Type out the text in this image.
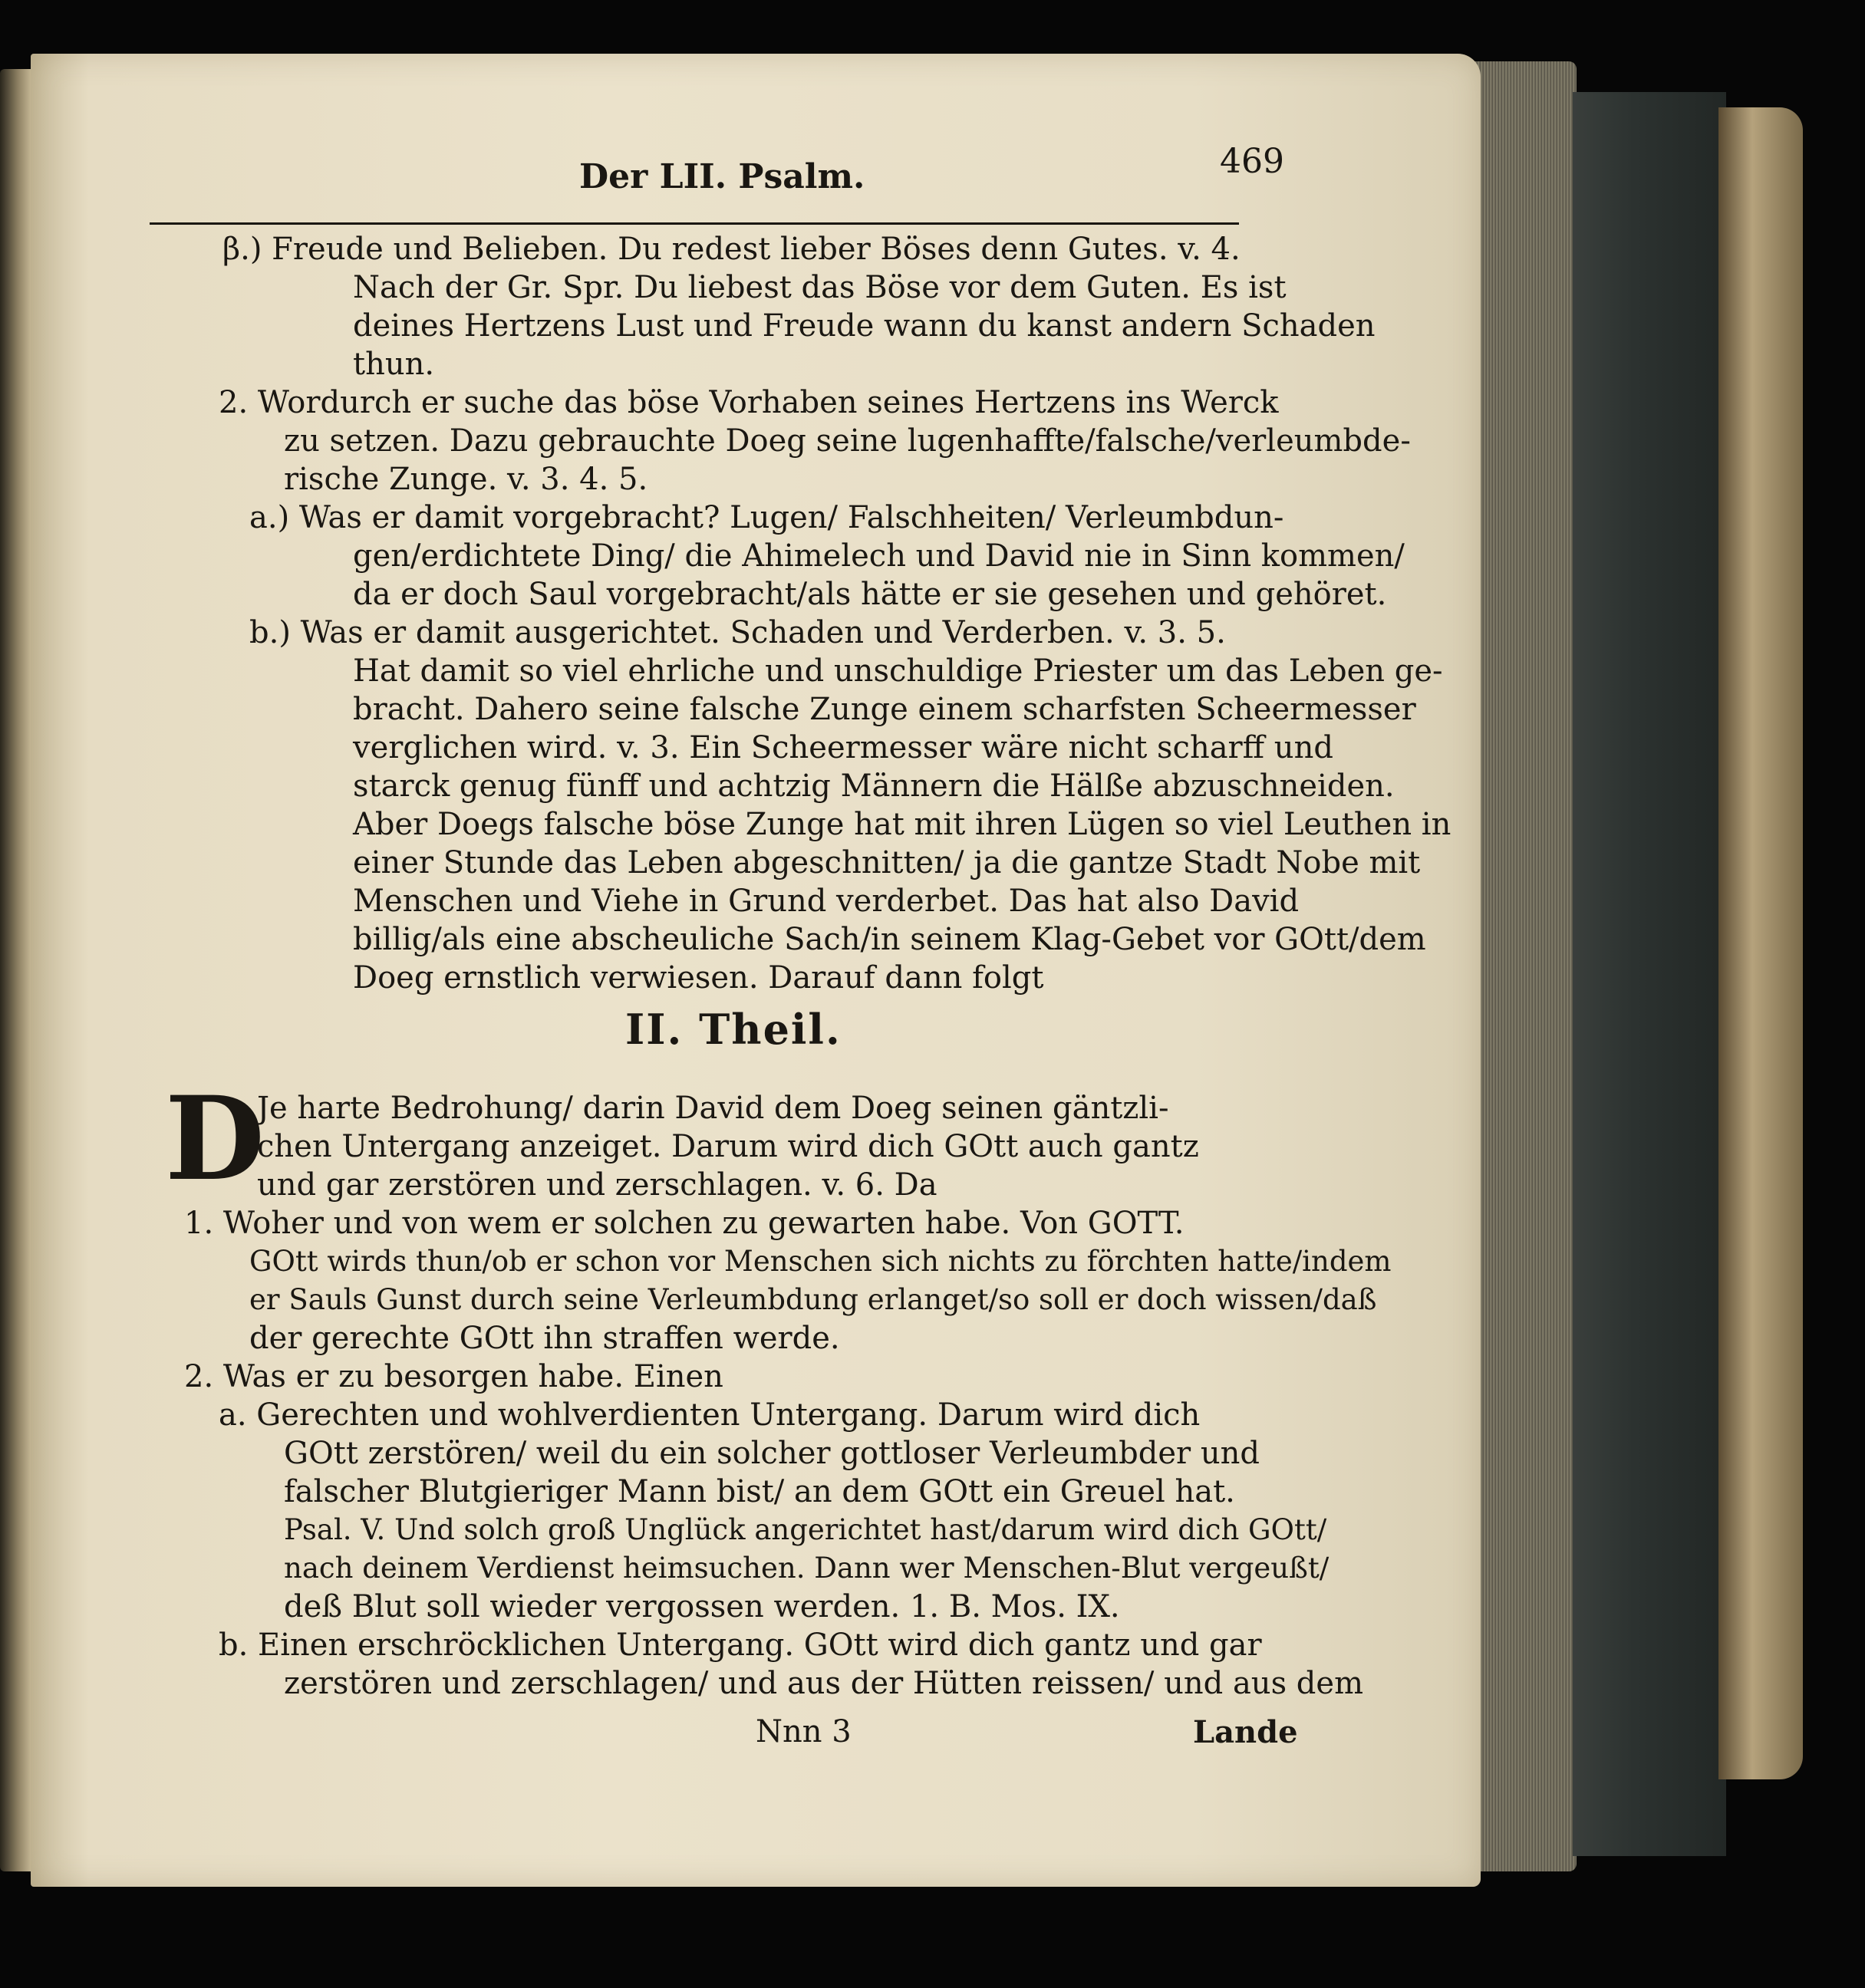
Der LII. Psalm.	469
β.) Freude und Belieben. Du redest lieber Böses denn Gutes. v. 4.
Nach der Gr. Spr. Du liebest das Böse vor dem Guten. Es ist
deines Hertzens Lust und Freude wann du kanst andern Schaden
thun.
2. Wordurch er suche das böse Vorhaben seines Hertzens ins Werck
zu setzen. Dazu gebrauchte Doeg seine lugenhaffte/falsche/verleumbde-
rische Zunge. v. 3. 4. 5.
a.) Was er damit vorgebracht? Lugen/ Falschheiten/ Verleumbdun-
gen/erdichtete Ding/ die Ahimelech und David nie in Sinn kommen/
da er doch Saul vorgebracht/als hätte er sie gesehen und gehöret.
b.) Was er damit ausgerichtet. Schaden und Verderben. v. 3. 5.
Hat damit so viel ehrliche und unschuldige Priester um das Leben ge-
bracht. Dahero seine falsche Zunge einem scharfsten Scheermesser
verglichen wird. v. 3. Ein Scheermesser wäre nicht scharff und
starck genug fünff und achtzig Männern die Hälße abzuschneiden.
Aber Doegs falsche böse Zunge hat mit ihren Lügen so viel Leuthen in
einer Stunde das Leben abgeschnitten/ ja die gantze Stadt Nobe mit
Menschen und Viehe in Grund verderbet. Das hat also David
billig/als eine abscheuliche Sach/in seinem Klag-Gebet vor GOtt/dem
Doeg ernstlich verwiesen. Darauf dann folgt
II. Theil.
D
Je harte Bedrohung/ darin David dem Doeg seinen gäntzli-
chen Untergang anzeiget. Darum wird dich GOtt auch gantz
und gar zerstören und zerschlagen. v. 6. Da
1. Woher und von wem er solchen zu gewarten habe. Von GOTT.
GOtt wirds thun/ob er schon vor Menschen sich nichts zu förchten hatte/indem
er Sauls Gunst durch seine Verleumbdung erlanget/so soll er doch wissen/daß
der gerechte GOtt ihn straffen werde.
2. Was er zu besorgen habe. Einen
a. Gerechten und wohlverdienten Untergang. Darum wird dich
GOtt zerstören/ weil du ein solcher gottloser Verleumbder und
falscher Blutgieriger Mann bist/ an dem GOtt ein Greuel hat.
Psal. V. Und solch groß Unglück angerichtet hast/darum wird dich GOtt/
nach deinem Verdienst heimsuchen. Dann wer Menschen-Blut vergeußt/
deß Blut soll wieder vergossen werden. 1. B. Mos. IX.
b. Einen erschröcklichen Untergang. GOtt wird dich gantz und gar
zerstören und zerschlagen/ und aus der Hütten reissen/ und aus dem
Nnn 3	Lande
